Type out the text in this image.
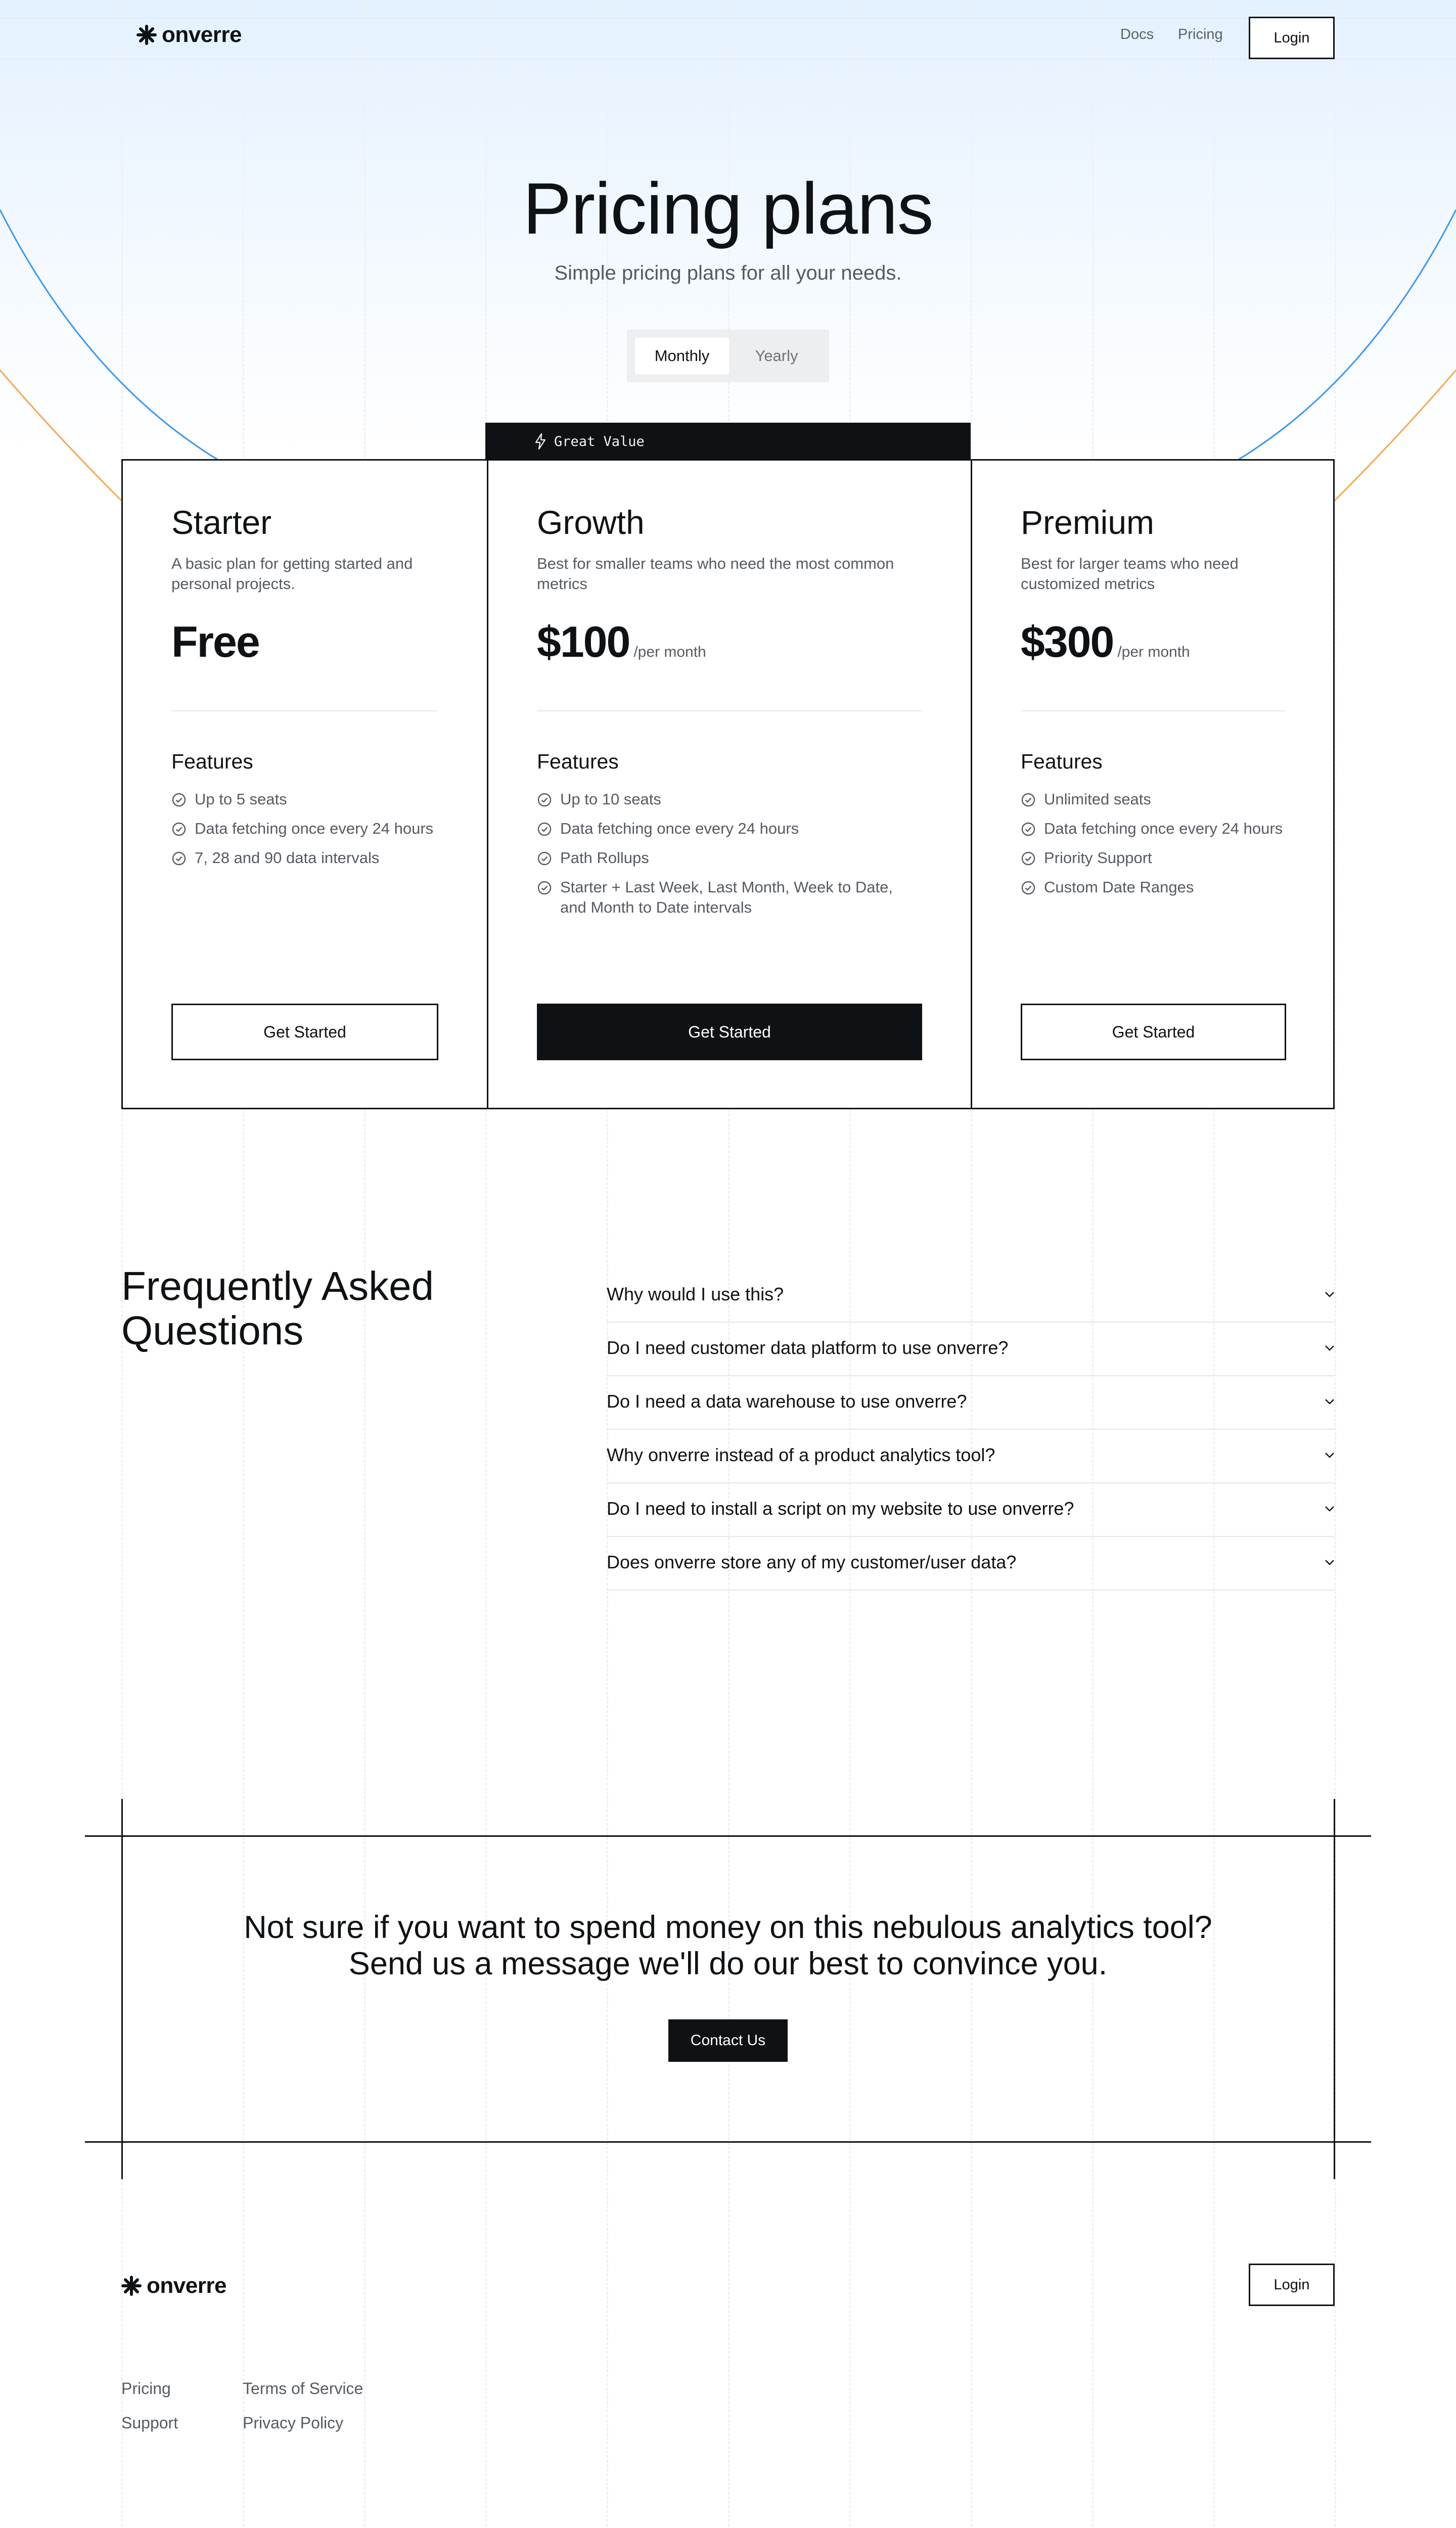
onverre	Docs Pricing	Login
Pricing plans

Simple pricing plans for all your needs.

Monthly	Yearly
Great Value
Starter
A basic plan for getting started and personal projects.
Free
Features
Up to 5 seats
Data fetching once every 24 hours
7, 28 and 90 data intervals
Get Started
Growth
Best for smaller teams who need the most common metrics
$100 /per month
Features
Up to 10 seats
Data fetching once every 24 hours
Path Rollups
Starter + Last Week, Last Month, Week to Date, and Month to Date intervals
Get Started
Premium
Best for larger teams who need customized metrics
$300 /per month
Features
Unlimited seats
Data fetching once every 24 hours
Priority Support
Custom Date Ranges
Get Started
Frequently Asked Questions
Why would I use this?
Do I need customer data platform to use onverre?
Do I need a data warehouse to use onverre?
Why onverre instead of a product analytics tool?
Do I need to install a script on my website to use onverre?
Does onverre store any of my customer/user data?

Not sure if you want to spend money on this nebulous analytics tool? Send us a message we'll do our best to convince you.

Contact Us
onverre	Login
Pricing	Terms of Service
Support	Privacy Policy
